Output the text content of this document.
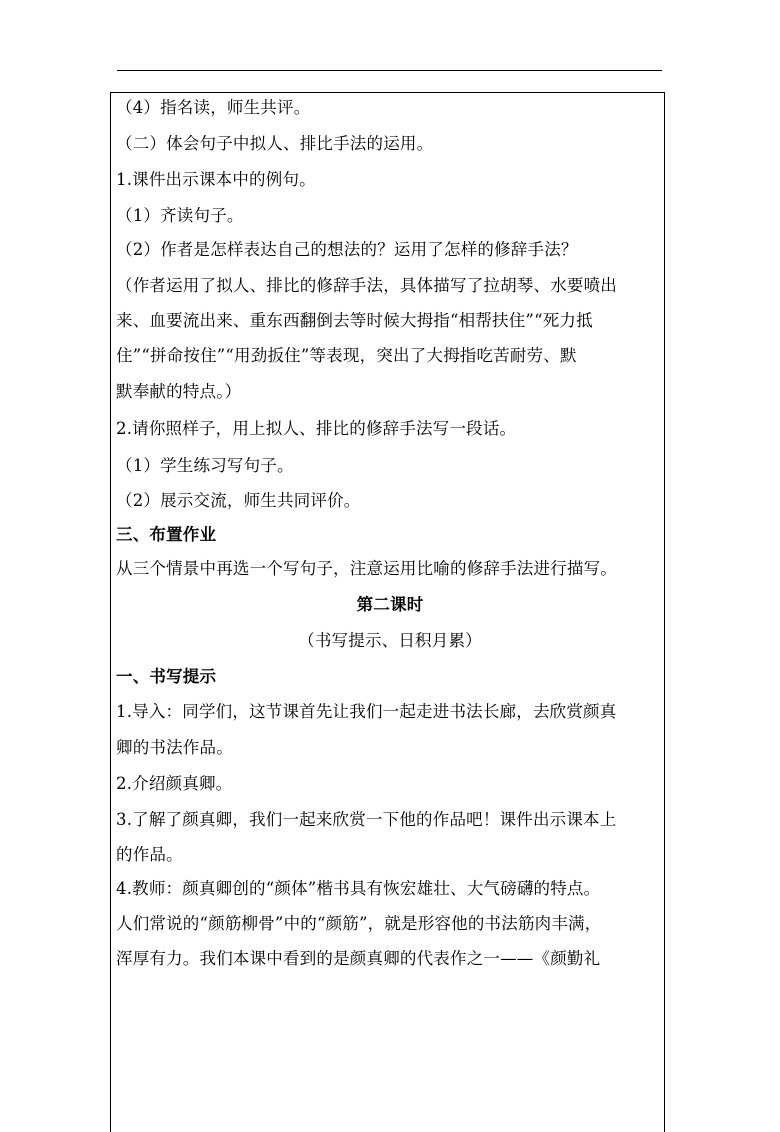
（4）指名读，师生共评。
（二）体会句子中拟人、排比手法的运用。
1.课件出示课本中的例句。
（1）齐读句子。
（2）作者是怎样表达自己的想法的？运用了怎样的修辞手法？
（作者运用了拟人、排比的修辞手法，具体描写了拉胡琴、水要喷出
来、血要流出来、重东西翻倒去等时候大拇指“相帮扶住”“死力抵
住”“拼命按住”“用劲扳住”等表现，突出了大拇指吃苦耐劳、默
默奉献的特点。）
2.请你照样子，用上拟人、排比的修辞手法写一段话。
（1）学生练习写句子。
（2）展示交流，师生共同评价。
三、布置作业
从三个情景中再选一个写句子，注意运用比喻的修辞手法进行描写。
第二课时
（书写提示、日积月累）
一、书写提示
1.导入：同学们，这节课首先让我们一起走进书法长廊，去欣赏颜真
卿的书法作品。
2.介绍颜真卿。
3.了解了颜真卿，我们一起来欣赏一下他的作品吧！课件出示课本上
的作品。
4.教师：颜真卿创的“颜体”楷书具有恢宏雄壮、大气磅礴的特点。
人们常说的“颜筋柳骨”中的“颜筋”，就是形容他的书法筋肉丰满，
浑厚有力。我们本课中看到的是颜真卿的代表作之一——《颜勤礼
